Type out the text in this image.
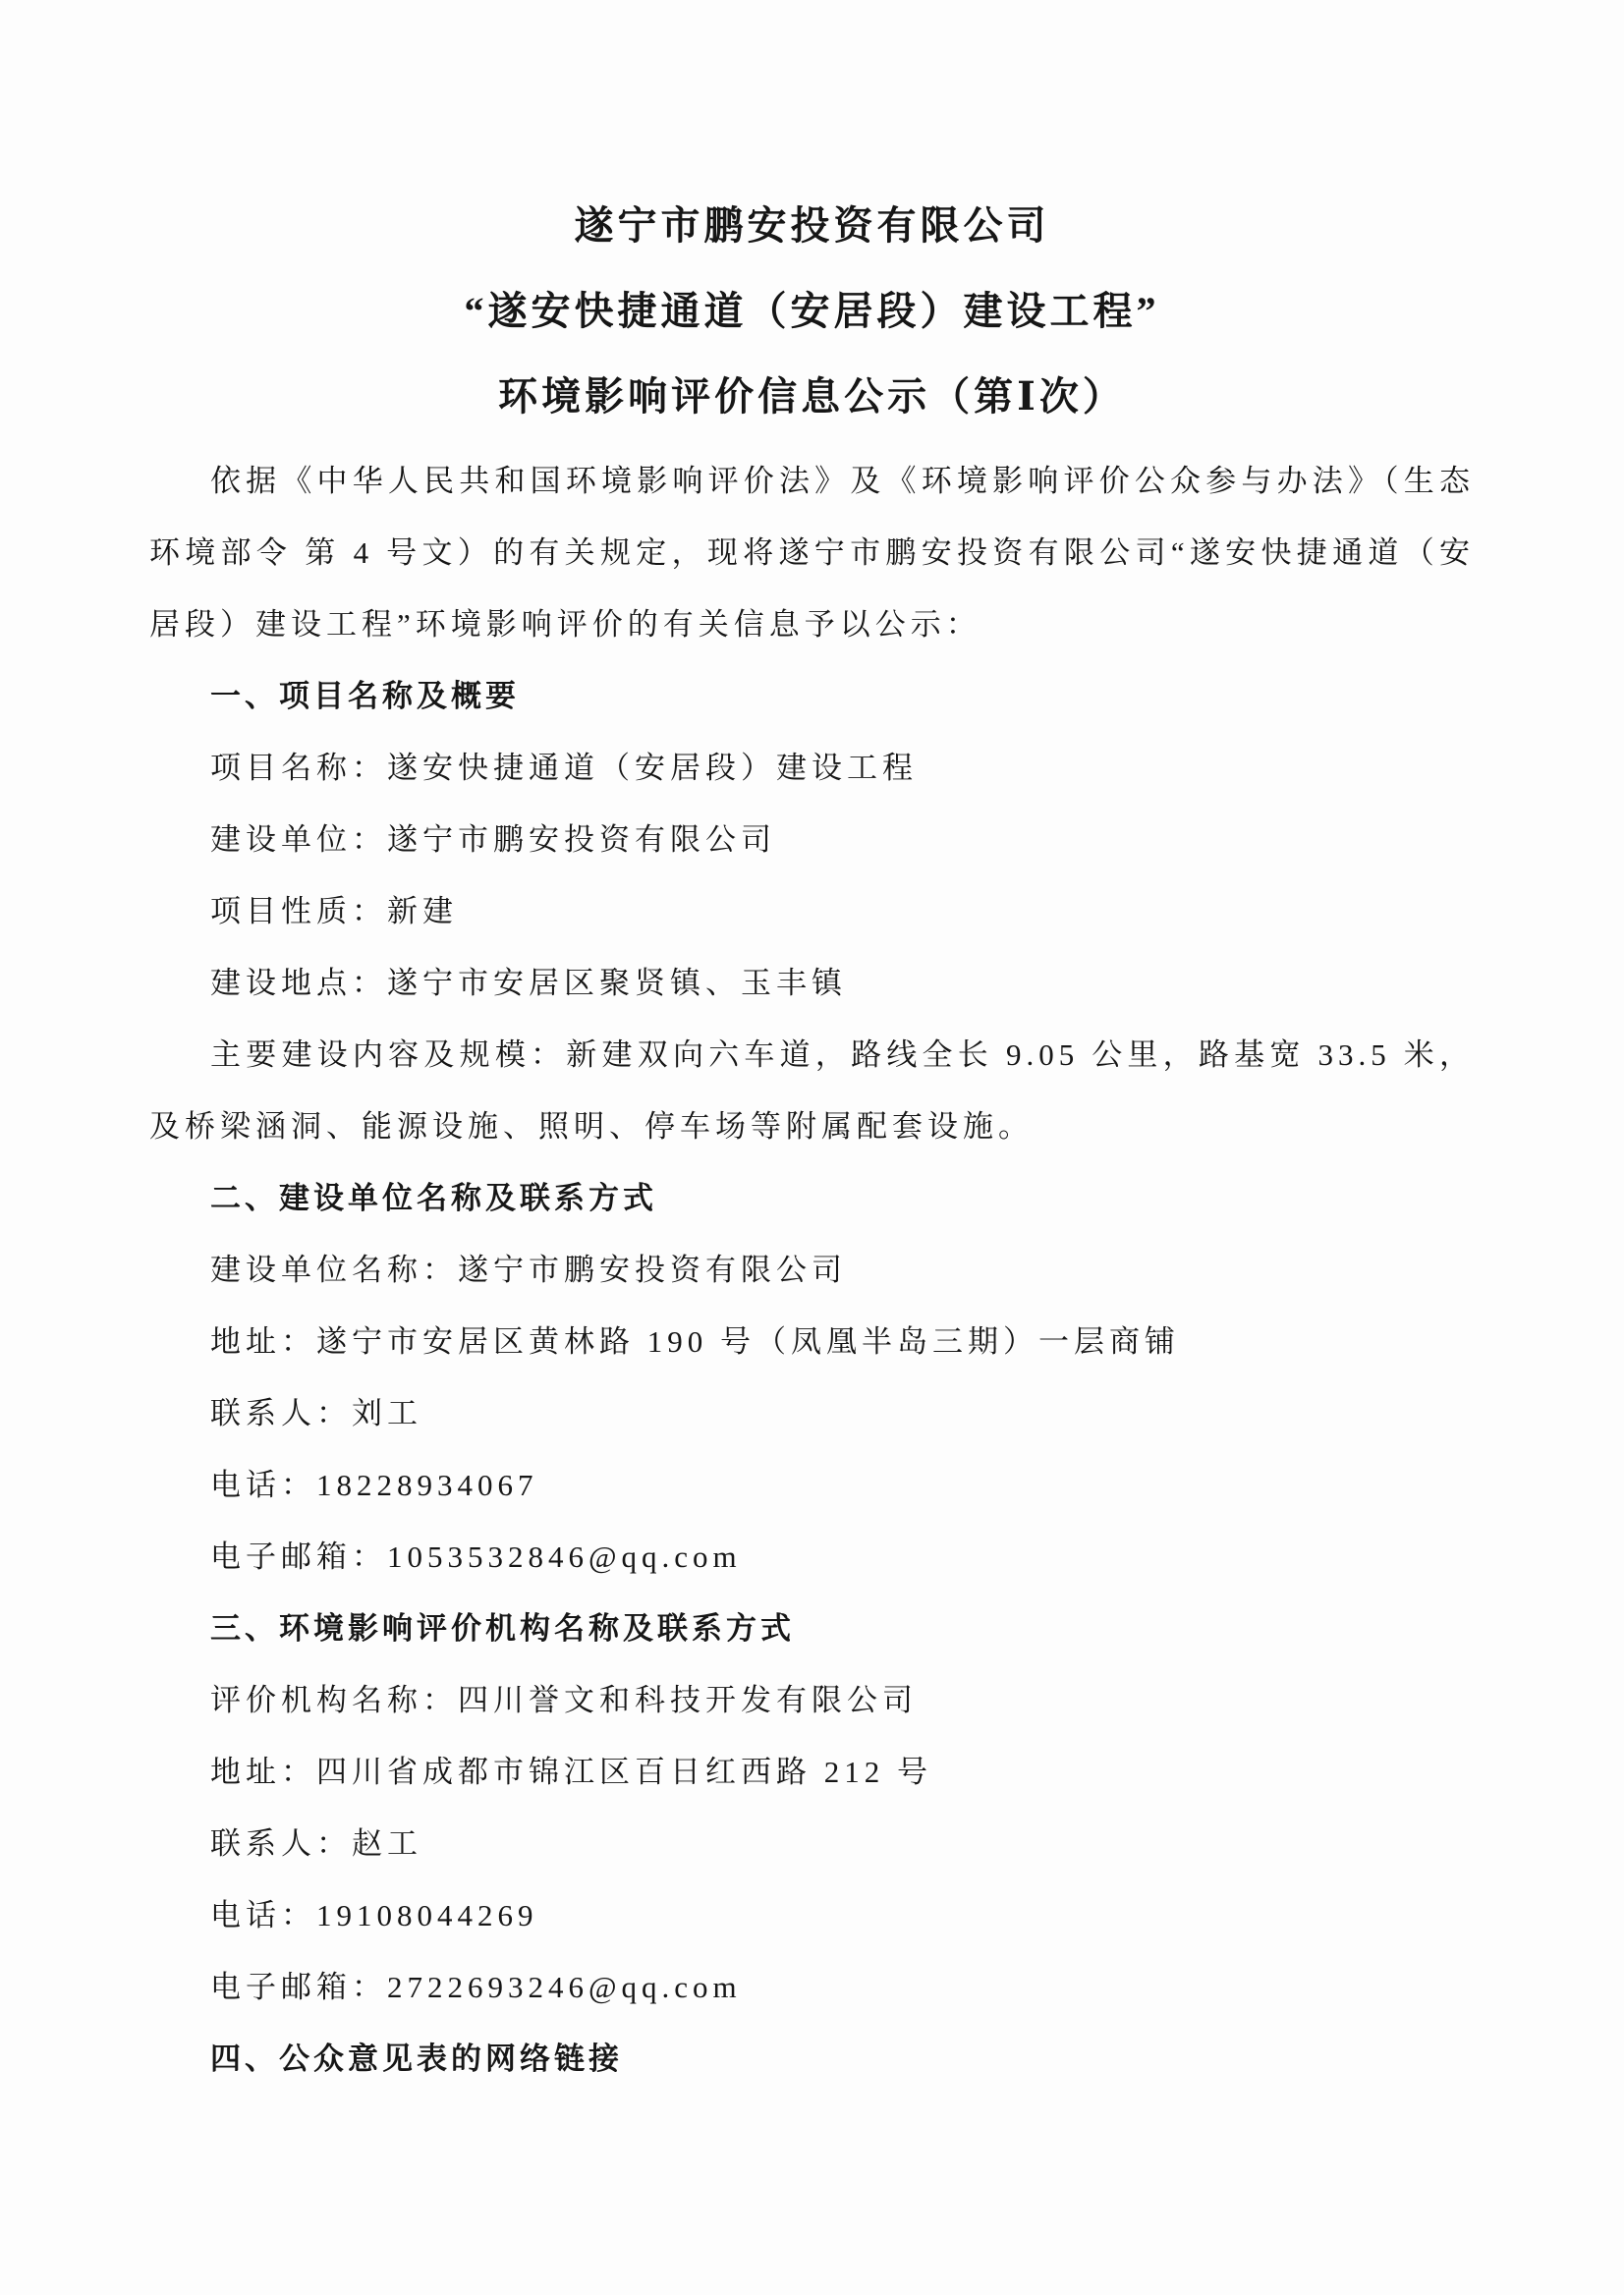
遂宁市鹏安投资有限公司
“遂安快捷通道（安居段）建设工程”
环境影响评价信息公示（第Ⅰ次）

依据《中华人民共和国环境影响评价法》及《环境影响评价公众参与办法》（生态环境部令 第 4 号文）的有关规定，现将遂宁市鹏安投资有限公司“遂安快捷通道（安居段）建设工程”环境影响评价的有关信息予以公示：

一、项目名称及概要

项目名称：遂安快捷通道（安居段）建设工程

建设单位：遂宁市鹏安投资有限公司

项目性质：新建

建设地点：遂宁市安居区聚贤镇、玉丰镇

主要建设内容及规模：新建双向六车道，路线全长 9.05 公里，路基宽 33.5 米，及桥梁涵洞、能源设施、照明、停车场等附属配套设施。

二、建设单位名称及联系方式

建设单位名称：遂宁市鹏安投资有限公司

地址：遂宁市安居区黄林路 190 号（凤凰半岛三期）一层商铺

联系人：刘工

电话：18228934067

电子邮箱：1053532846@qq.com

三、环境影响评价机构名称及联系方式

评价机构名称：四川誉文和科技开发有限公司

地址：四川省成都市锦江区百日红西路 212 号

联系人：赵工

电话：19108044269

电子邮箱：2722693246@qq.com

四、公众意见表的网络链接
